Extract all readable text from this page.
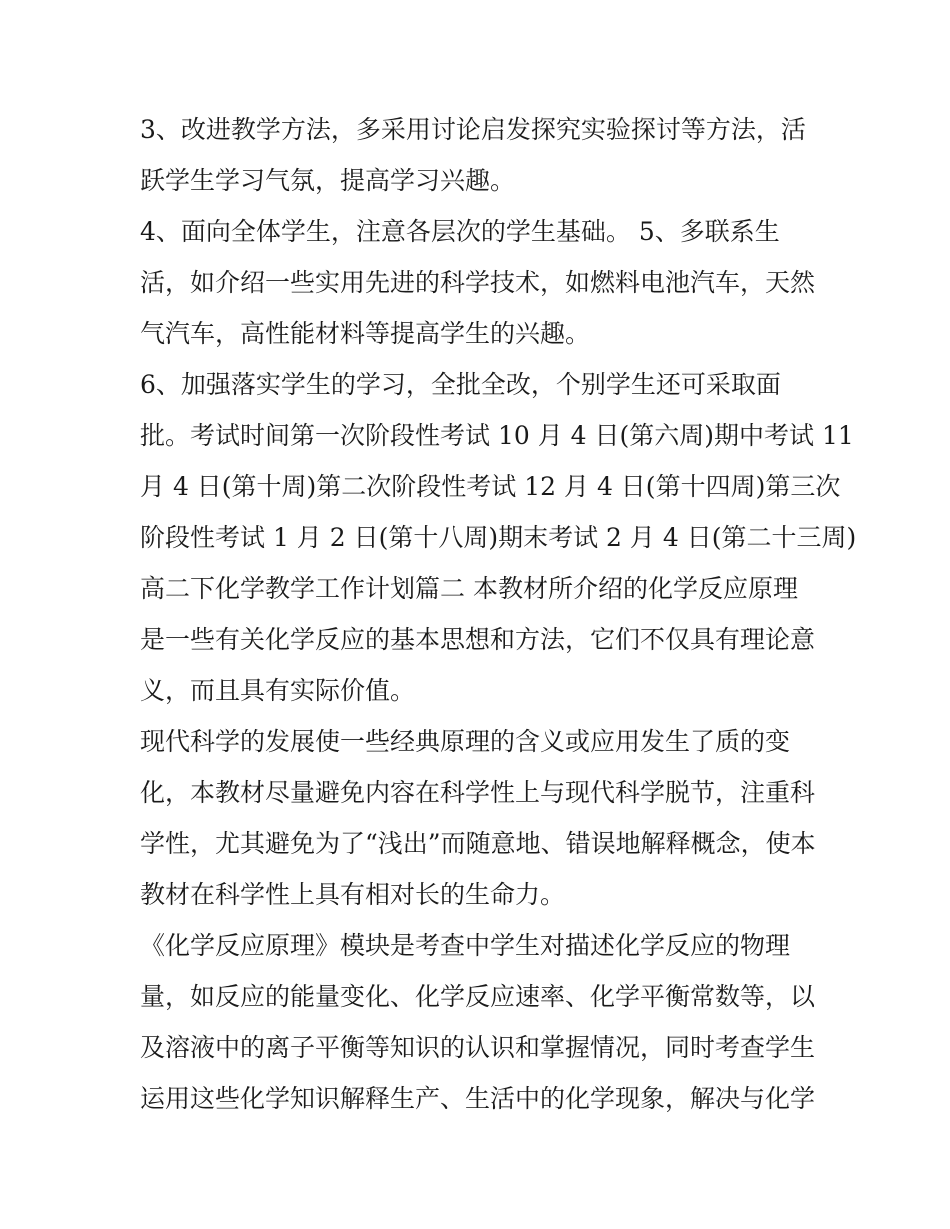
3、改进教学方法，多采用讨论启发探究实验探讨等方法，活
跃学生学习气氛，提高学习兴趣。
4、面向全体学生，注意各层次的学生基础。 5、多联系生
活，如介绍一些实用先进的科学技术，如燃料电池汽车，天然
气汽车，高性能材料等提高学生的兴趣。
6、加强落实学生的学习，全批全改，个别学生还可采取面
批。考试时间第一次阶段性考试 10 月 4 日(第六周)期中考试 11
月 4 日(第十周)第二次阶段性考试 12 月 4 日(第十四周)第三次
阶段性考试 1 月 2 日(第十八周)期末考试 2 月 4 日(第二十三周)
高二下化学教学工作计划篇二 本教材所介绍的化学反应原理
是一些有关化学反应的基本思想和方法，它们不仅具有理论意
义，而且具有实际价值。
现代科学的发展使一些经典原理的含义或应用发生了质的变
化，本教材尽量避免内容在科学性上与现代科学脱节，注重科
学性，尤其避免为了“浅出”而随意地、错误地解释概念，使本
教材在科学性上具有相对长的生命力。
《化学反应原理》模块是考查中学生对描述化学反应的物理
量，如反应的能量变化、化学反应速率、化学平衡常数等，以
及溶液中的离子平衡等知识的认识和掌握情况，同时考查学生
运用这些化学知识解释生产、生活中的化学现象，解决与化学
